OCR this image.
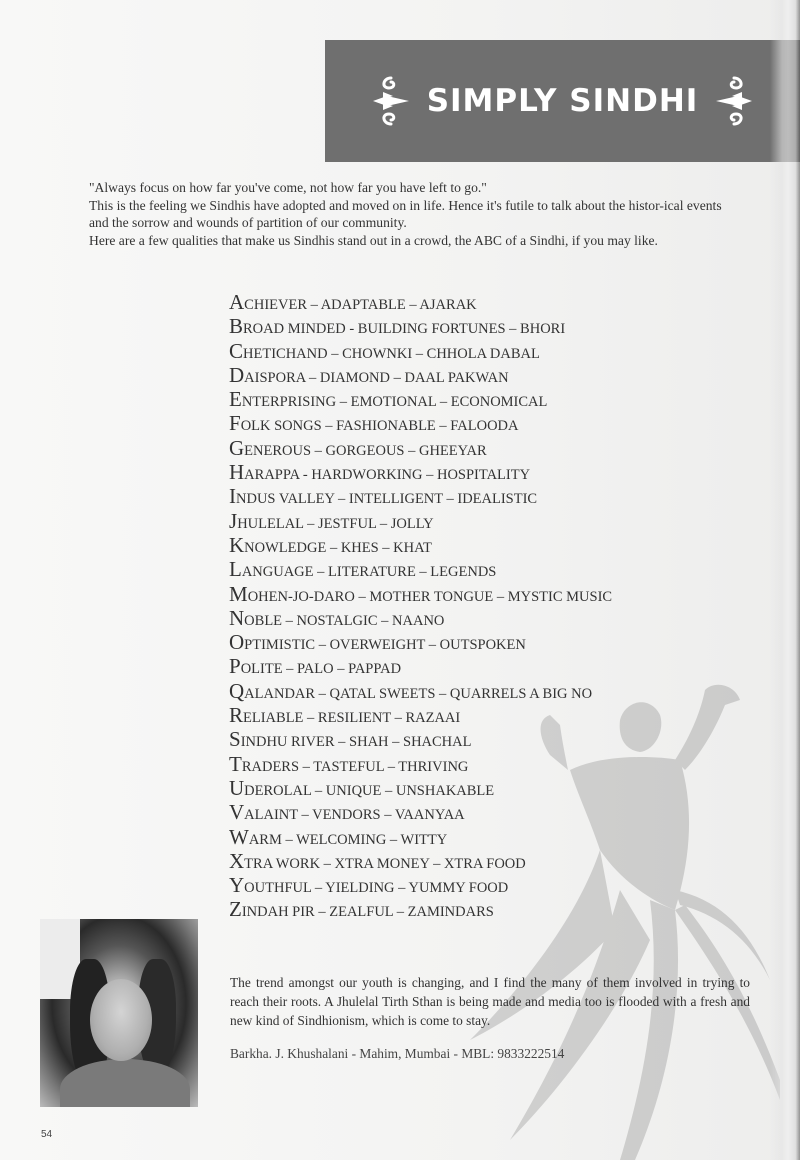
SIMPLY SINDHI

"Always focus on how far you've come, not how far you have left to go."

This is the feeling we Sindhis have adopted and moved on in life. Hence it's futile to talk about the histor-ical events and the sorrow and wounds of partition of our community.

Here are a few qualities that make us Sindhis stand out in a crowd, the ABC of a Sindhi, if you may like.

ACHIEVER – ADAPTABLE – AJARAK
BROAD MINDED - BUILDING FORTUNES – BHORI
CHETICHAND – CHOWNKI – CHHOLA DABAL
DAISPORA – DIAMOND – DAAL PAKWAN
ENTERPRISING – EMOTIONAL – ECONOMICAL
FOLK SONGS – FASHIONABLE – FALOODA
GENEROUS – GORGEOUS – GHEEYAR
HARAPPA - HARDWORKING – HOSPITALITY
INDUS VALLEY – INTELLIGENT – IDEALISTIC
JHULELAL – JESTFUL – JOLLY
KNOWLEDGE – KHES – KHAT
LANGUAGE – LITERATURE – LEGENDS
MOHEN-JO-DARO – MOTHER TONGUE – MYSTIC MUSIC
NOBLE – NOSTALGIC – NAANO
OPTIMISTIC – OVERWEIGHT – OUTSPOKEN
POLITE – PALO – PAPPAD
QALANDAR – QATAL SWEETS – QUARRELS A BIG NO
RELIABLE – RESILIENT – RAZAAI
SINDHU RIVER – SHAH – SHACHAL
TRADERS – TASTEFUL – THRIVING
UDEROLAL – UNIQUE – UNSHAKABLE
VALAINT – VENDORS – VAANYAA
WARM – WELCOMING – WITTY
XTRA WORK – XTRA MONEY – XTRA FOOD
YOUTHFUL – YIELDING – YUMMY FOOD
ZINDAH PIR – ZEALFUL – ZAMINDARS

The trend amongst our youth is changing, and I find the many of them involved in trying to reach their roots. A Jhulelal Tirth Sthan is being made and media too is flooded with a fresh and new kind of Sindhionism, which is come to stay.

Barkha. J. Khushalani - Mahim, Mumbai - MBL: 9833222514
54
